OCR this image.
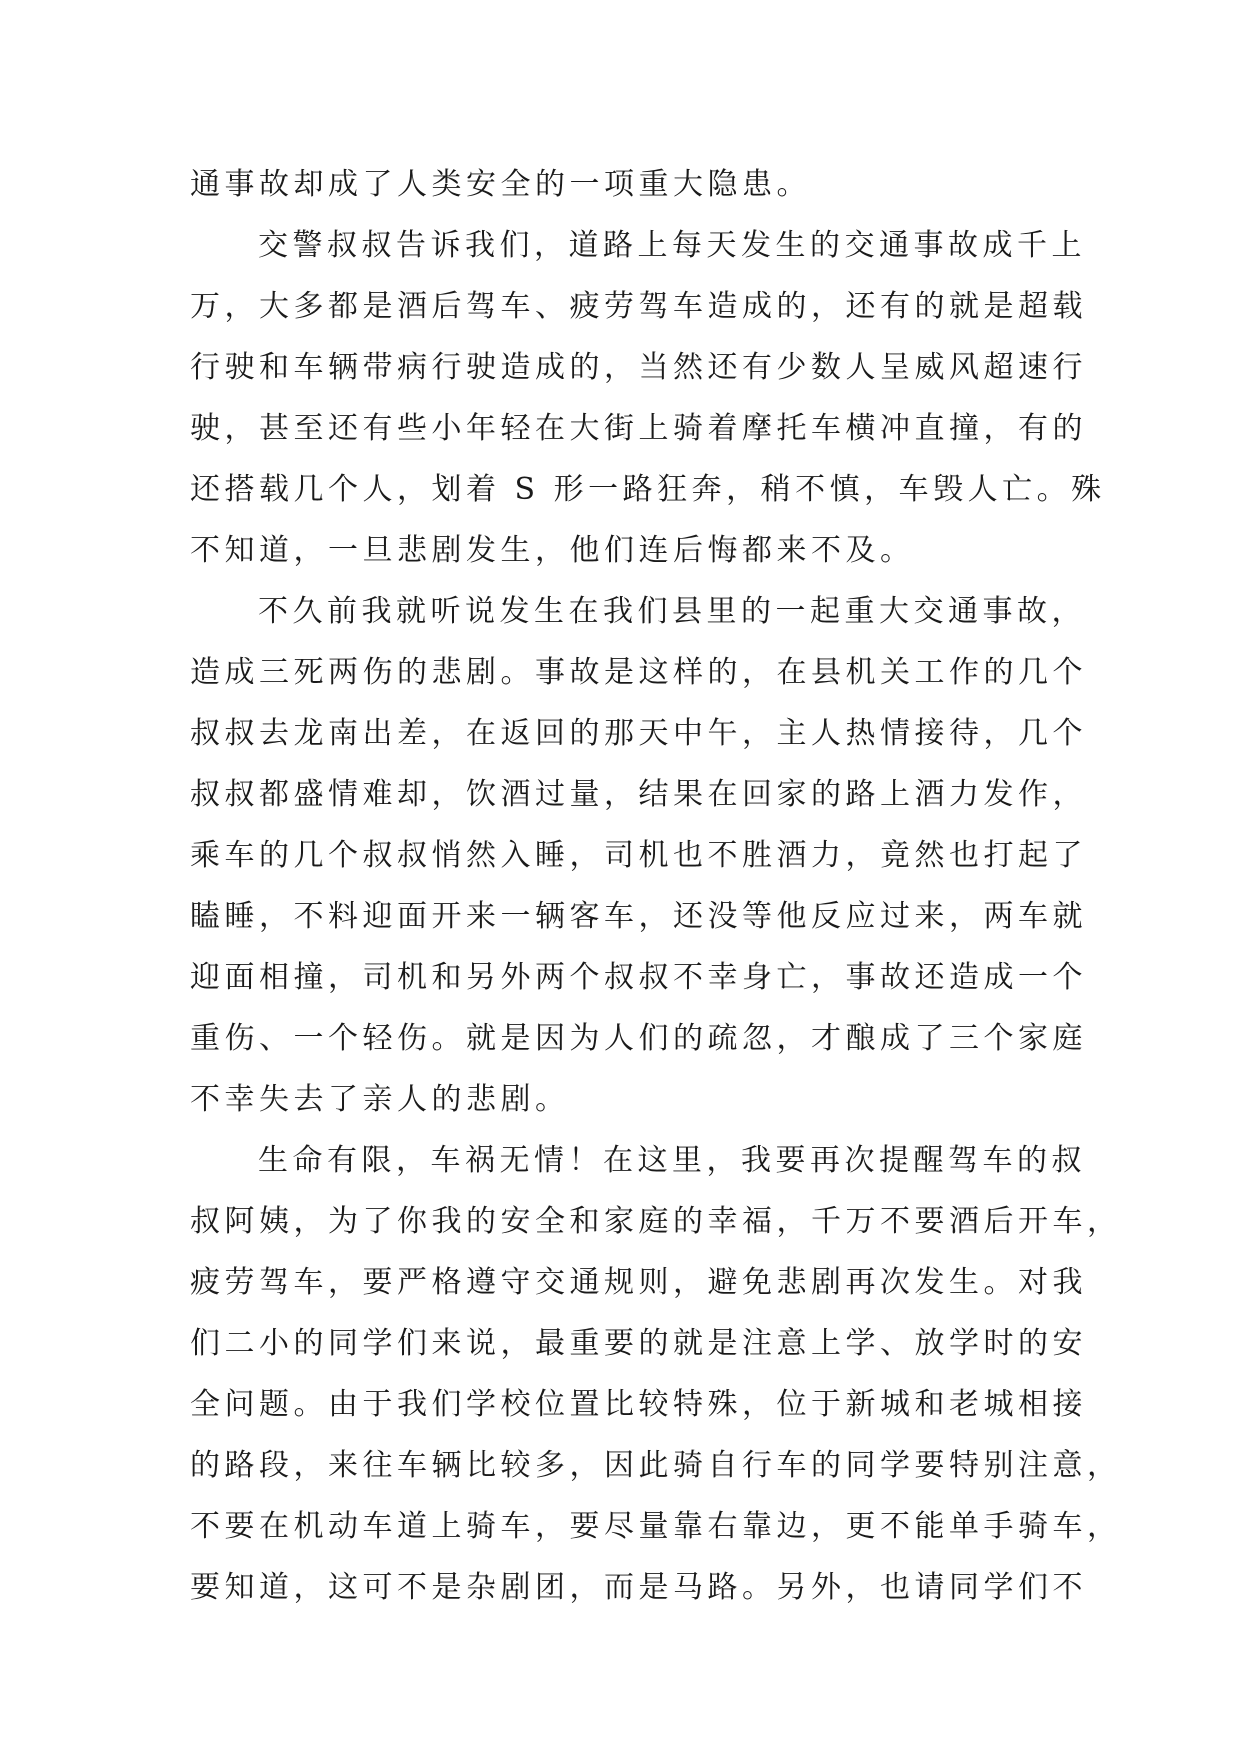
通事故却成了人类安全的一项重大隐患。
交警叔叔告诉我们，道路上每天发生的交通事故成千上
万，大多都是酒后驾车、疲劳驾车造成的，还有的就是超载
行驶和车辆带病行驶造成的，当然还有少数人呈威风超速行
驶，甚至还有些小年轻在大街上骑着摩托车横冲直撞，有的
还搭载几个人，划着 S 形一路狂奔，稍不慎，车毁人亡。殊
不知道，一旦悲剧发生，他们连后悔都来不及。
不久前我就听说发生在我们县里的一起重大交通事故，
造成三死两伤的悲剧。事故是这样的，在县机关工作的几个
叔叔去龙南出差，在返回的那天中午，主人热情接待，几个
叔叔都盛情难却，饮酒过量，结果在回家的路上酒力发作，
乘车的几个叔叔悄然入睡，司机也不胜酒力，竟然也打起了
瞌睡，不料迎面开来一辆客车，还没等他反应过来，两车就
迎面相撞，司机和另外两个叔叔不幸身亡，事故还造成一个
重伤、一个轻伤。就是因为人们的疏忽，才酿成了三个家庭
不幸失去了亲人的悲剧。
生命有限，车祸无情！在这里，我要再次提醒驾车的叔
叔阿姨，为了你我的安全和家庭的幸福，千万不要酒后开车，
疲劳驾车，要严格遵守交通规则，避免悲剧再次发生。对我
们二小的同学们来说，最重要的就是注意上学、放学时的安
全问题。由于我们学校位置比较特殊，位于新城和老城相接
的路段，来往车辆比较多，因此骑自行车的同学要特别注意，
不要在机动车道上骑车，要尽量靠右靠边，更不能单手骑车，
要知道，这可不是杂剧团，而是马路。另外，也请同学们不
